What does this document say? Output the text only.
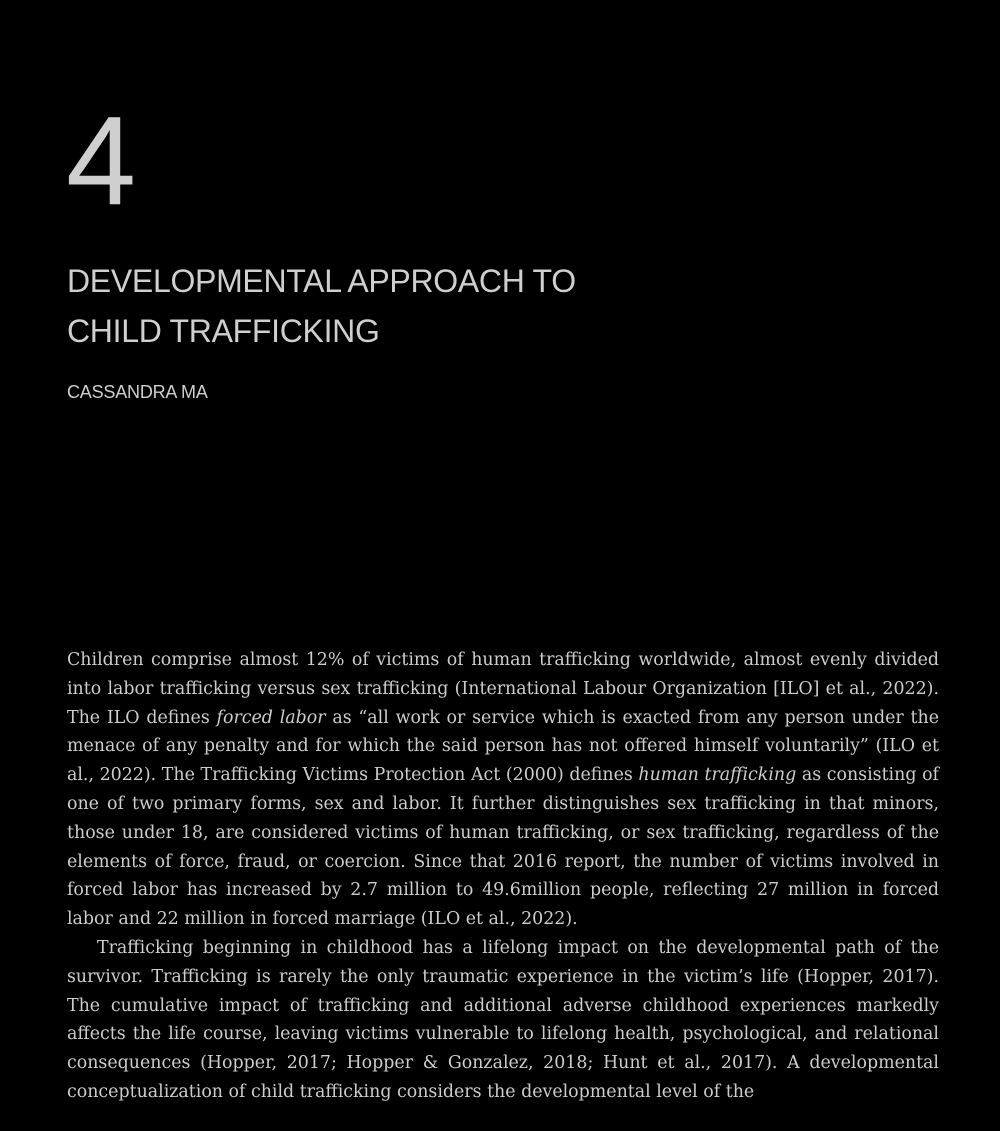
4
DEVELOPMENTAL APPROACH TO
CHILD TRAFFICKING
CASSANDRA MA

Children comprise almost 12% of victims of human trafficking worldwide, almost evenly divided into labor trafficking versus sex trafficking (International Labour Organization [ILO] et al., 2022). The ILO defines forced labor as “all work or service which is exacted from any person under the menace of any penalty and for which the said person has not offered himself voluntarily” (ILO et al., 2022). The Trafficking Victims Protection Act (2000) defines human trafficking as consisting of one of two primary forms, sex and labor. It further distinguishes sex trafficking in that minors, those under 18, are considered victims of human trafficking, or sex trafficking, regardless of the elements of force, fraud, or coercion. Since that 2016 report, the number of victims involved in forced labor has increased by 2.7 million to 49.6million people, reflecting 27 million in forced labor and 22 million in forced marriage (ILO et al., 2022).

Trafficking beginning in childhood has a lifelong impact on the developmental path of the survivor. Trafficking is rarely the only traumatic experience in the victim’s life (Hopper, 2017). The cumulative impact of trafficking and additional adverse childhood experiences markedly affects the life course, leaving victims vulnerable to lifelong health, psychological, and relational consequences (Hopper, 2017; Hopper & Gonzalez, 2018; Hunt et al., 2017). A developmental conceptualization of child trafficking considers the developmental level of the
